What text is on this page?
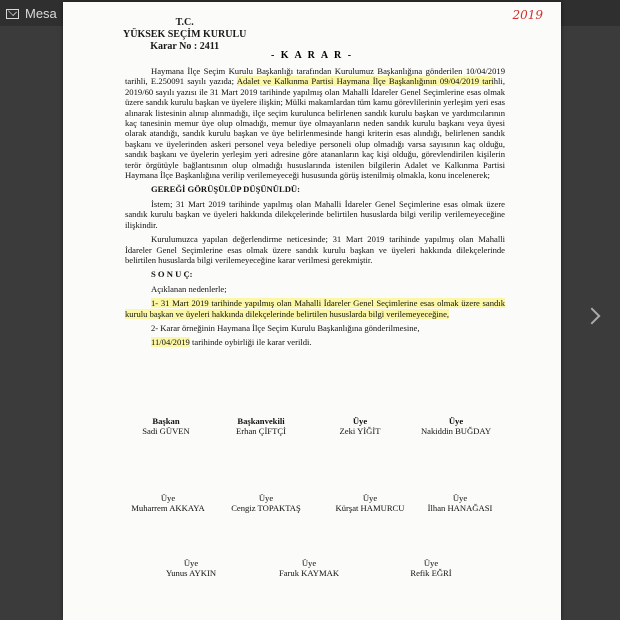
Mesa	2019
T.C.
YÜKSEK SEÇİM KURULU
Karar No : 2411
- K A R A R -

Haymana İlçe Seçim Kurulu Başkanlığı tarafından Kurulumuz Başkanlığına gönderilen 10/04/2019 tarihli, E.250091 sayılı yazıda; Adalet ve Kalkınma Partisi Haymana İlçe Başkanlığının 09/04/2019 tarihli, 2019/60 sayılı yazısı ile 31 Mart 2019 tarihinde yapılmış olan Mahalli İdareler Genel Seçimlerine esas olmak üzere sandık kurulu başkan ve üyelere ilişkin; Mülki makamlardan tüm kamu görevlilerinin yerleşim yeri esas alınarak listesinin alınıp alınmadığı, ilçe seçim kurulunca belirlenen sandık kurulu başkan ve yardımcılarının kaç tanesinin memur üye olup olmadığı, memur üye olmayanların neden sandık kurulu başkanı veya üyesi olarak atandığı, sandık kurulu başkan ve üye belirlenmesinde hangi kriterin esas alındığı, belirlenen sandık başkanı ve üyelerinden askeri personel veya belediye personeli olup olmadığı varsa sayısının kaç olduğu, sandık başkanı ve üyelerin yerleşim yeri adresine göre atananların kaç kişi olduğu, görevlendirilen kişilerin terör örgütüyle bağlantısının olup olmadığı hususlarında istenilen bilgilerin Adalet ve Kalkınma Partisi Haymana İlçe Başkanlığına verilip verilemeyeceği hususunda görüş istenilmiş olmakla, konu incelenerek;

GEREĞİ GÖRÜŞÜLÜP DÜŞÜNÜLDÜ:

İstem; 31 Mart 2019 tarihinde yapılmış olan Mahalli İdareler Genel Seçimlerine esas olmak üzere sandık kurulu başkan ve üyeleri hakkında dilekçelerinde belirtilen hususlarda bilgi verilip verilemeyeceğine ilişkindir.

Kurulumuzca yapılan değerlendirme neticesinde; 31 Mart 2019 tarihinde yapılmış olan Mahalli İdareler Genel Seçimlerine esas olmak üzere sandık kurulu başkan ve üyeleri hakkında dilekçelerinde belirtilen hususlarda bilgi verilemeyeceğine karar verilmesi gerekmiştir.

S O N U Ç:

Açıklanan nedenlerle;

1- 31 Mart 2019 tarihinde yapılmış olan Mahalli İdareler Genel Seçimlerine esas olmak üzere sandık kurulu başkan ve üyeleri hakkında dilekçelerinde belirtilen hususlarda bilgi verilemeyeceğine,

2- Karar örneğinin Haymana İlçe Seçim Kurulu Başkanlığına gönderilmesine,

11/04/2019 tarihinde oybirliği ile karar verildi.

Başkan
Sadi GÜVEN
Başkanvekili
Erhan ÇİFTÇİ
Üye
Zeki YİĞİT
Üye
Nakiddin BUĞDAY
Üye
Muharrem AKKAYA
Üye
Cengiz TOPAKTAŞ
Üye
Kürşat HAMURCU
Üye
İlhan HANAĞASI
Üye
Yunus AYKIN
Üye
Faruk KAYMAK
Üye
Refik EĞRİ
